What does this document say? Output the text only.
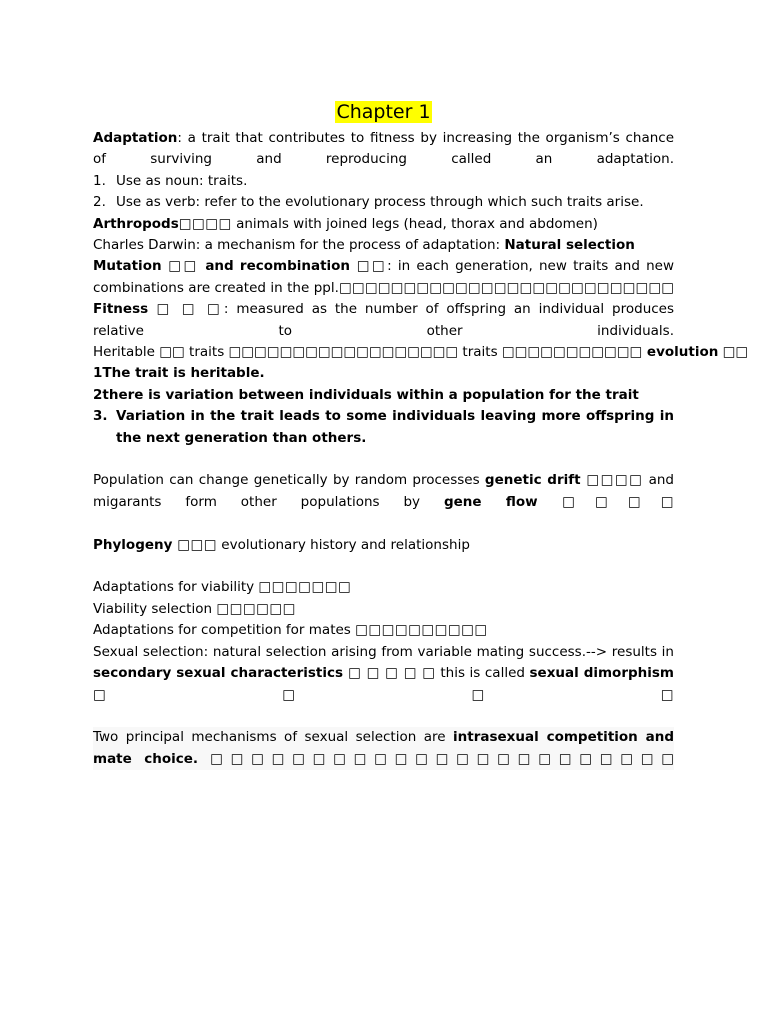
Chapter 1

Adaptation: a trait that contributes to fitness by increasing the organism’s chance of surviving and reproducing called an adaptation.

1. Use as noun: traits.
2. Use as verb: refer to the evolutionary process through which such traits arise.

Arthropods□□□□ animals with joined legs (head, thorax and abdomen)

Charles Darwin: a mechanism for the process of adaptation: Natural selection

Mutation □□ and recombination □□: in each generation, new traits and new combinations are created in the ppl.□□□□□□□□□□□□□□□□□□□□□□□□□□

Fitness □ □ □: measured as the number of offspring an individual produces relative to other individuals.

Heritable □□ traits □□□□□□□□□□□□□□□□□□ traits □□□□□□□□□□□ evolution □□

1The trait is heritable.

2there is variation between individuals within a population for the trait

3. Variation in the trait leads to some individuals leaving more offspring in the next generation than others.

Population can change genetically by random processes genetic drift □□□□ and migarants form other populations by gene flow □□□□

Phylogeny □□□ evolutionary history and relationship

Adaptations for viability □□□□□□□

Viability selection □□□□□□

Adaptations for competition for mates □□□□□□□□□□

Sexual selection: natural selection arising from variable mating success.--> results in secondary sexual characteristics □ □ □ □ □ this is called sexual dimorphism □□□□

Two principal mechanisms of sexual selection are intrasexual competition and mate choice. □□□□□□□□□□□□□□□□□□□□□□□
